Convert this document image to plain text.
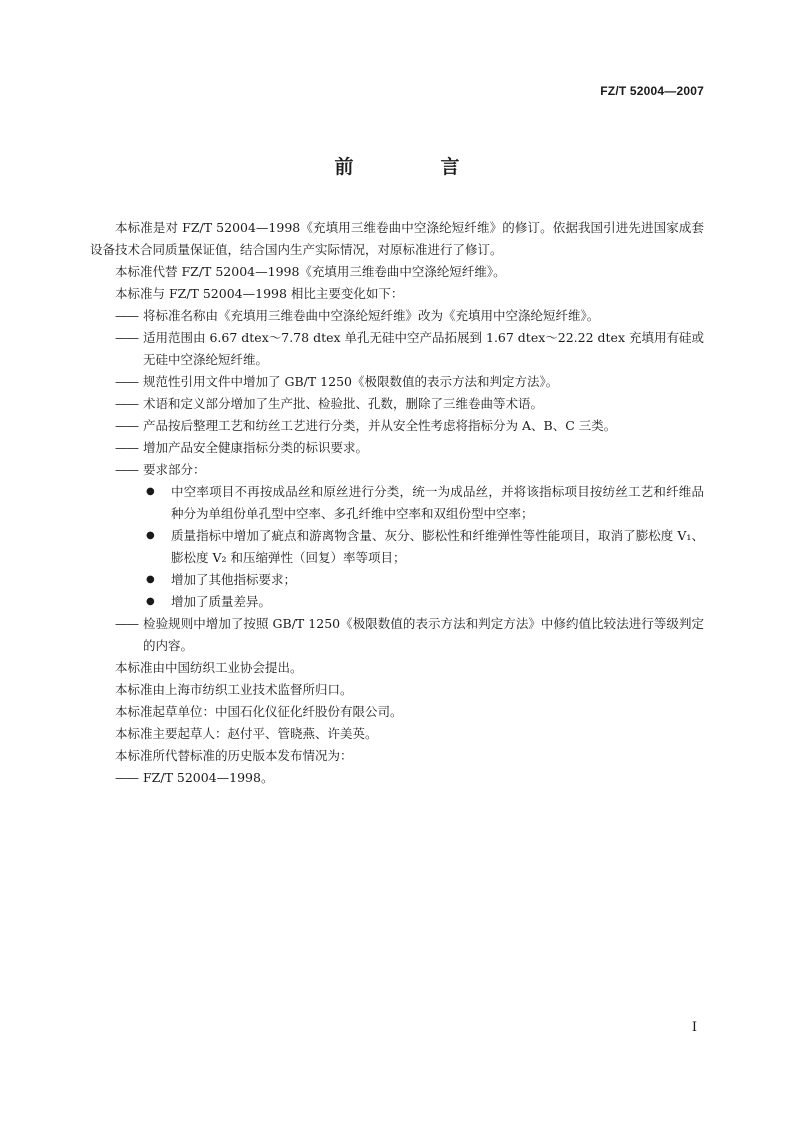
FZ/T 52004—2007
前　言

本标准是对 FZ/T 52004—1998《充填用三维卷曲中空涤纶短纤维》的修订。依据我国引进先进国家成套设备技术合同质量保证值，结合国内生产实际情况，对原标准进行了修订。

本标准代替 FZ/T 52004—1998《充填用三维卷曲中空涤纶短纤维》。

本标准与 FZ/T 52004—1998 相比主要变化如下：

—— 将标准名称由《充填用三维卷曲中空涤纶短纤维》改为《充填用中空涤纶短纤维》。

—— 适用范围由 6.67 dtex～7.78 dtex 单孔无硅中空产品拓展到 1.67 dtex～22.22 dtex 充填用有硅或无硅中空涤纶短纤维。

—— 规范性引用文件中增加了 GB/T 1250《极限数值的表示方法和判定方法》。

—— 术语和定义部分增加了生产批、检验批、孔数，删除了三维卷曲等术语。

—— 产品按后整理工艺和纺丝工艺进行分类，并从安全性考虑将指标分为 A、B、C 三类。

—— 增加产品安全健康指标分类的标识要求。

—— 要求部分：

● 中空率项目不再按成品丝和原丝进行分类，统一为成品丝，并将该指标项目按纺丝工艺和纤维品种分为单组份单孔型中空率、多孔纤维中空率和双组份型中空率；

● 质量指标中增加了疵点和游离物含量、灰分、膨松性和纤维弹性等性能项目，取消了膨松度 V₁、膨松度 V₂ 和压缩弹性（回复）率等项目；

● 增加了其他指标要求；

● 增加了质量差异。

—— 检验规则中增加了按照 GB/T 1250《极限数值的表示方法和判定方法》中修约值比较法进行等级判定的内容。

本标准由中国纺织工业协会提出。

本标准由上海市纺织工业技术监督所归口。

本标准起草单位：中国石化仪征化纤股份有限公司。

本标准主要起草人：赵付平、管晓燕、许美英。

本标准所代替标准的历史版本发布情况为：

—— FZ/T 52004—1998。

I
